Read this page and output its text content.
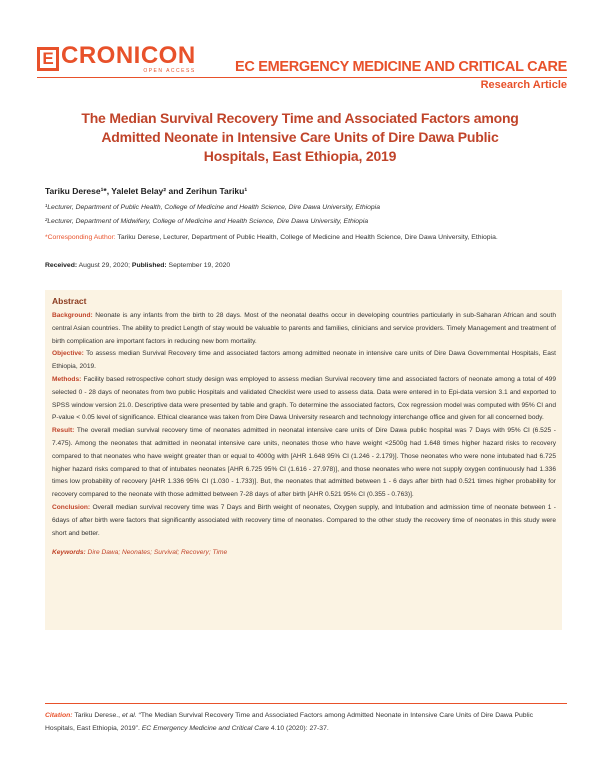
E CRONICON
OPEN ACCESS	EC EMERGENCY MEDICINE AND CRITICAL CARE
Research Article
The Median Survival Recovery Time and Associated Factors among
Admitted Neonate in Intensive Care Units of Dire Dawa Public
Hospitals, East Ethiopia, 2019
Tariku Derese¹*, Yalelet Belay² and Zerihun Tariku¹
¹Lecturer, Department of Public Health, College of Medicine and Health Science, Dire Dawa University, Ethiopia
²Lecturer, Department of Midwifery, College of Medicine and Health Science, Dire Dawa University, Ethiopia
*Corresponding Author: Tariku Derese, Lecturer, Department of Public Health, College of Medicine and Health Science, Dire Dawa University, Ethiopia.
Received: August 29, 2020; Published: September 19, 2020
Abstract

Background: Neonate is any infants from the birth to 28 days. Most of the neonatal deaths occur in developing countries particularly in sub-Saharan African and south central Asian countries. The ability to predict Length of stay would be valuable to parents and families, clinicians and service providers. Timely Management and treatment of birth complication are important factors in reducing new born mortality.

Objective: To assess median Survival Recovery time and associated factors among admitted neonate in intensive care units of Dire Dawa Governmental Hospitals, East Ethiopia, 2019.

Methods: Facility based retrospective cohort study design was employed to assess median Survival recovery time and associated factors of neonate among a total of 499 selected 0 - 28 days of neonates from two public Hospitals and validated Checklist were used to assess data. Data were entered in to Epi-data version 3.1 and exported to SPSS window version 21.0. Descriptive data were presented by table and graph. To determine the associated factors, Cox regression model was computed with 95% CI and P-value < 0.05 level of significance. Ethical clearance was taken from Dire Dawa University research and technology interchange office and given for all concerned body.

Result: The overall median survival recovery time of neonates admitted in neonatal intensive care units of Dire Dawa public hospital was 7 Days with 95% CI (6.525 - 7.475). Among the neonates that admitted in neonatal intensive care units, neonates those who have weight <2500g had 1.648 times higher hazard risks to recovery compared to that neonates who have weight greater than or equal to 4000g with [AHR 1.648 95% CI (1.246 - 2.179)]. Those neonates who were none intubated had 6.725 higher hazard risks compared to that of intubates neonates [AHR 6.725 95% CI (1.616 - 27.978)], and those neonates who were not supply oxygen continuously had 1.336 times low probability of recovery [AHR 1.336 95% CI (1.030 - 1.733)]. But, the neonates that admitted between 1 - 6 days after birth had 0.521 times higher probability for recovery compared to the neonate with those admitted between 7-28 days of after birth [AHR 0.521 95% CI (0.355 - 0.763)].

Conclusion: Overall median survival recovery time was 7 Days and Birth weight of neonates, Oxygen supply, and Intubation and admission time of neonate between 1 - 6days of after birth were factors that significantly associated with recovery time of neonates. Compared to the other study the recovery time of neonates in this study were short and better.

Keywords: Dire Dawa; Neonates; Survival; Recovery; Time

Citation: Tariku Derese., et al. “The Median Survival Recovery Time and Associated Factors among Admitted Neonate in Intensive Care Units of Dire Dawa Public Hospitals, East Ethiopia, 2019”. EC Emergency Medicine and Critical Care 4.10 (2020): 27-37.
